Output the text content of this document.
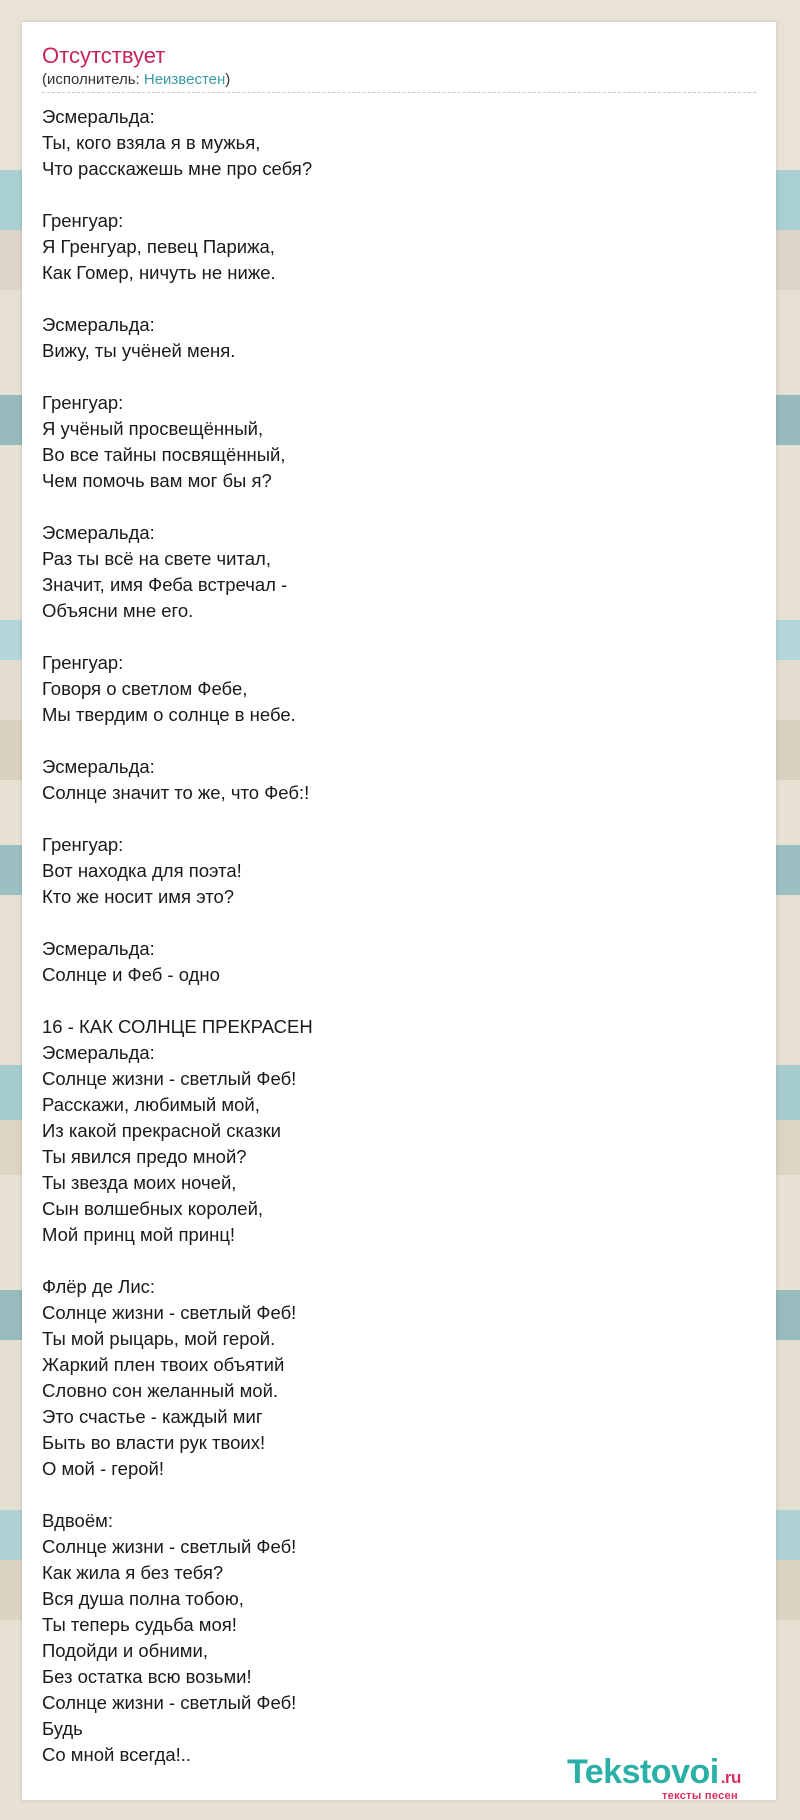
Отсутствует
(исполнитель: Неизвестен)
Эсмеральда:
Ты, кого взяла я в мужья,
Что расскажешь мне про себя?
Гренгуар:
Я Гренгуар, певец Парижа,
Как Гомер, ничуть не ниже.
Эсмеральда:
Вижу, ты учёней меня.
Гренгуар:
Я учёный просвещённый,
Во все тайны посвящённый,
Чем помочь вам мог бы я?
Эсмеральда:
Раз ты всё на свете читал,
Значит, имя Феба встречал -
Объясни мне его.
Гренгуар:
Говоря о светлом Фебе,
Мы твердим о солнце в небе.
Эсмеральда:
Солнце значит то же, что Феб:!
Гренгуар:
Вот находка для поэта!
Кто же носит имя это?
Эсмеральда:
Солнце и Феб - одно
16 - КАК СОЛНЦЕ ПРЕКРАСЕН
Эсмеральда:
Солнце жизни - светлый Феб!
Расскажи, любимый мой,
Из какой прекрасной сказки
Ты явился предо мной?
Ты звезда моих ночей,
Сын волшебных королей,
Мой принц мой принц!
Флёр де Лис:
Солнце жизни - светлый Феб!
Ты мой рыцарь, мой герой.
Жаркий плен твоих объятий
Словно сон желанный мой.
Это счастье - каждый миг
Быть во власти рук твоих!
О мой - герой!
Вдвоём:
Солнце жизни - светлый Феб!
Как жила я без тебя?
Вся душа полна тобою,
Ты теперь судьба моя!
Подойди и обними,
Без остатка всю возьми!
Солнце жизни - светлый Феб!
Будь
Со мной всегда!..	Tekstovoi .ru
тексты песен
